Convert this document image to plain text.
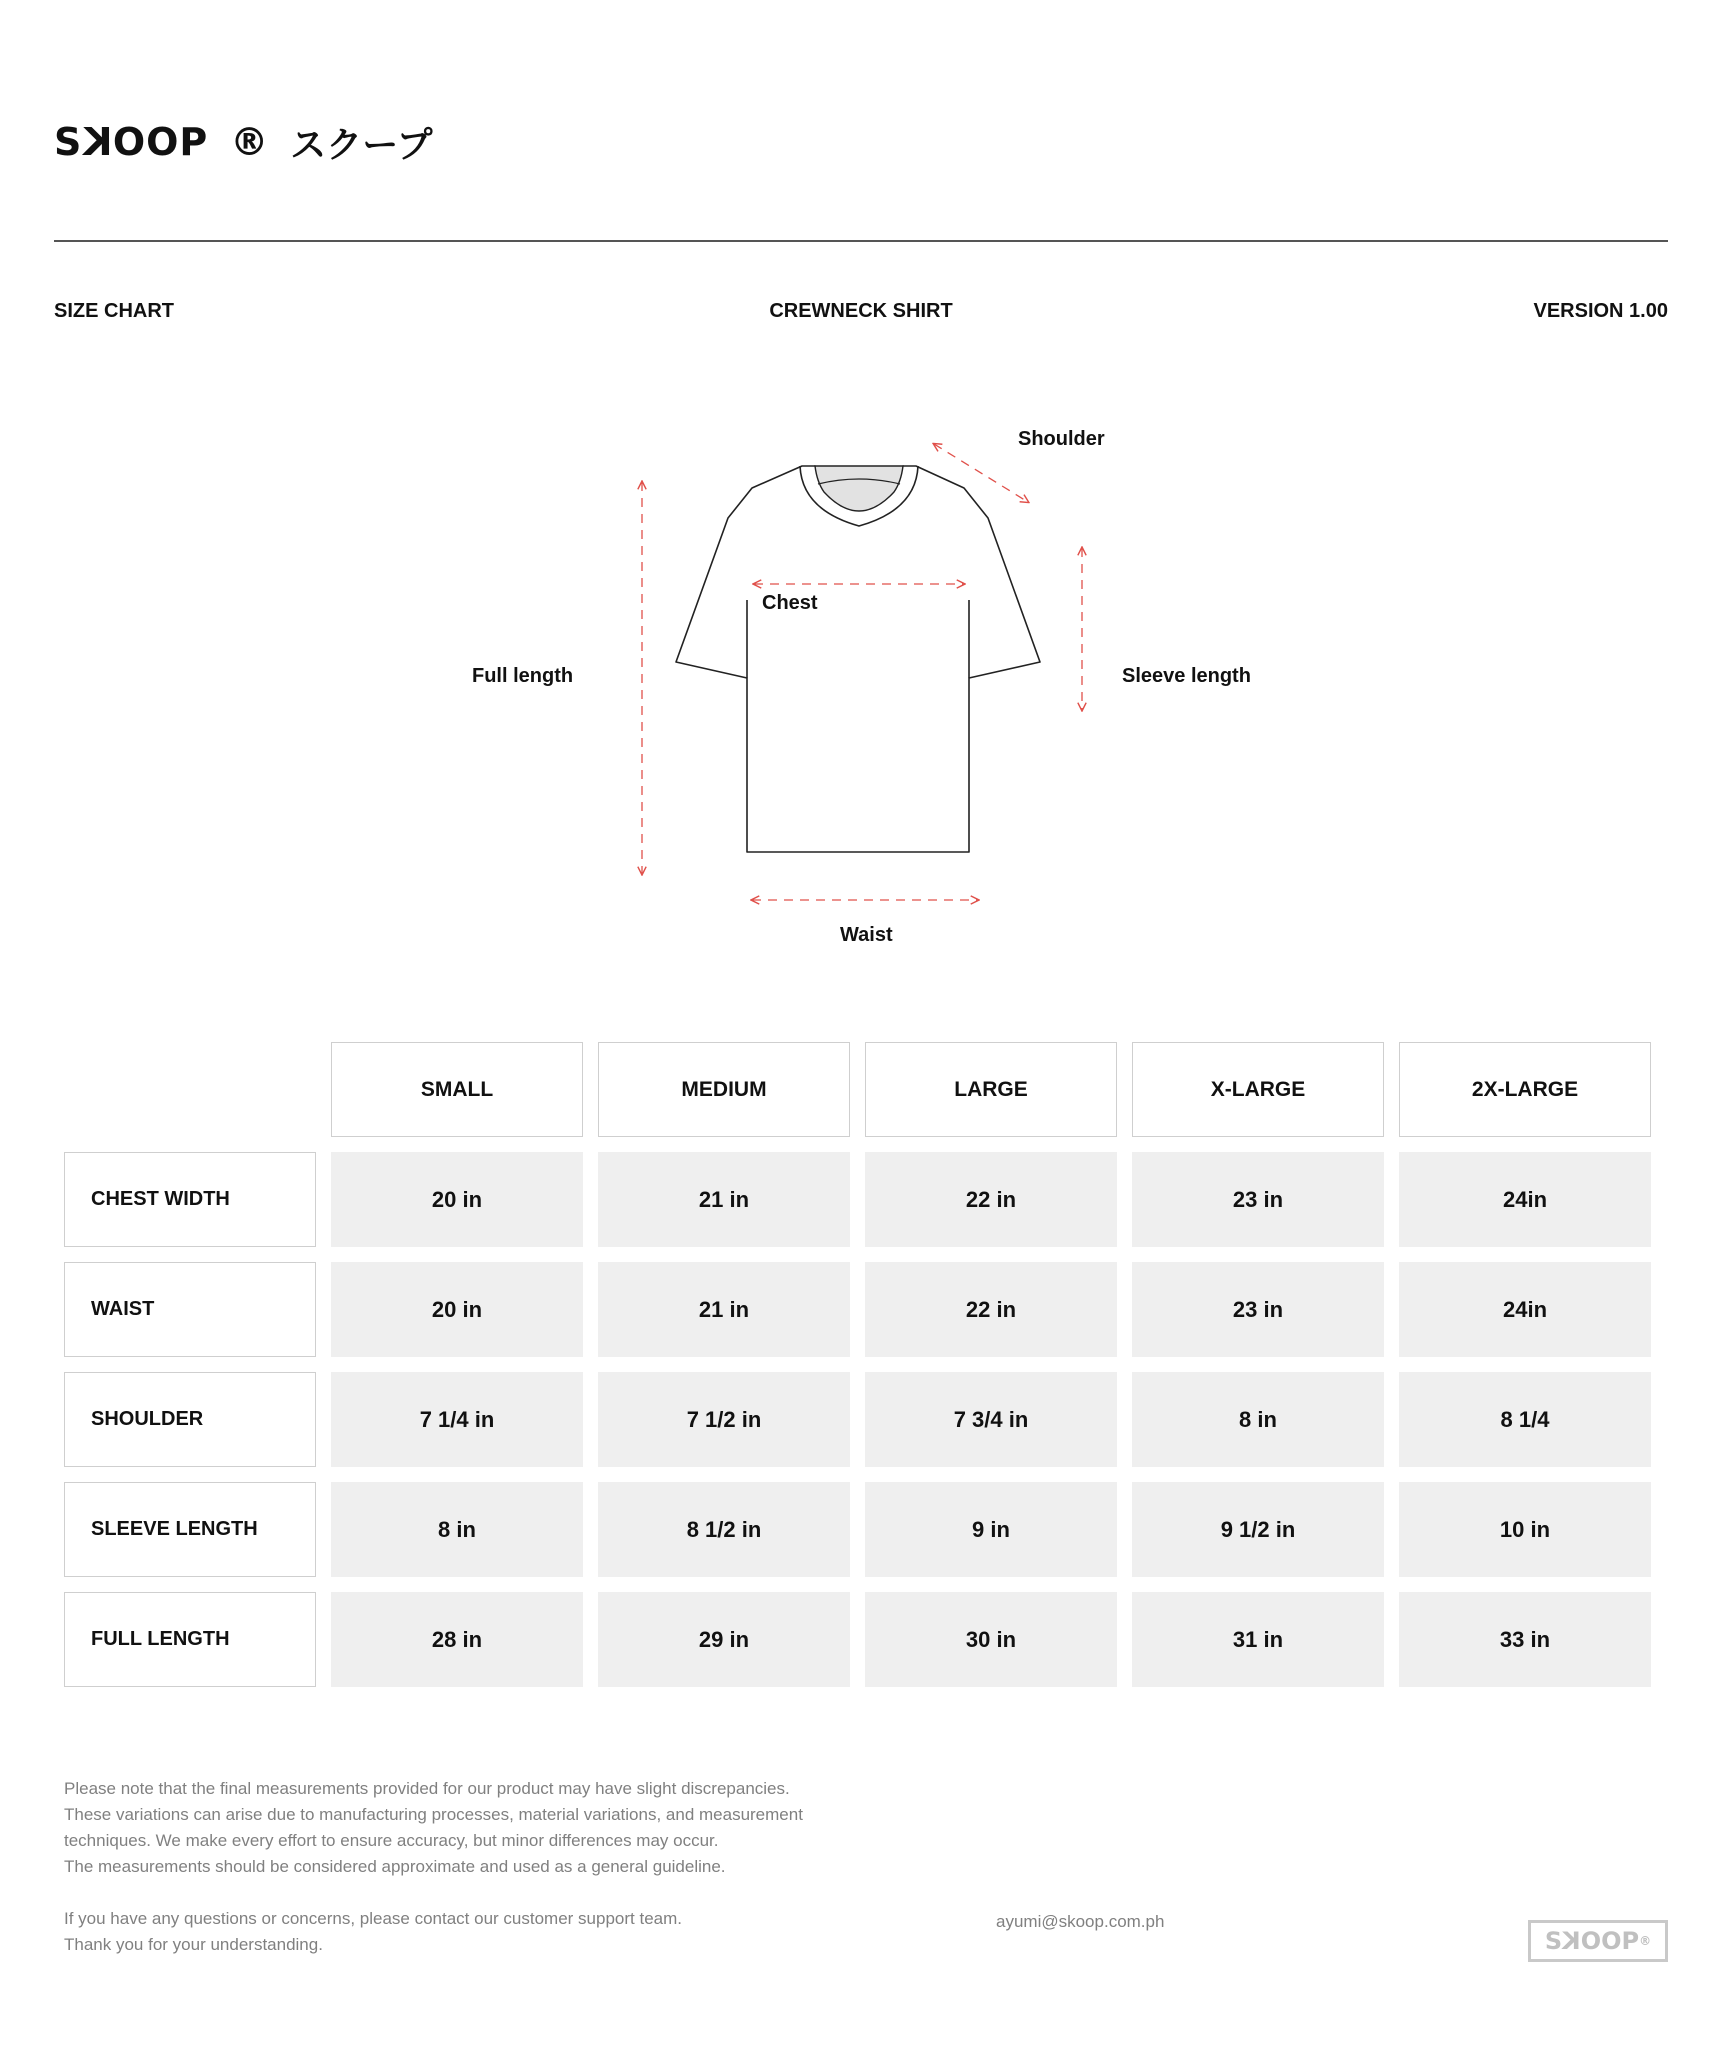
SKOOP ® スクープ
SIZE CHART	CREWNECK SHIRT	VERSION 1.00
Shoulder
Chest
Full length	Sleeve length
Waist
SMALL	MEDIUM	LARGE	X-LARGE	2X-LARGE
CHEST WIDTH	20 in	21 in	22 in	23 in	24in
WAIST	20 in	21 in	22 in	23 in	24in
SHOULDER	7 1/4 in	7 1/2 in	7 3/4 in	8 in	8 1/4
SLEEVE LENGTH	8 in	8 1/2 in	9 in	9 1/2 in	10 in
FULL LENGTH	28 in	29 in	30 in	31 in	33 in

Please note that the final measurements provided for our product may have slight discrepancies.

These variations can arise due to manufacturing processes, material variations, and measurement

techniques. We make every effort to ensure accuracy, but minor differences may occur.

The measurements should be considered approximate and used as a general guideline.

If you have any questions or concerns, please contact our customer support team.

Thank you for your understanding.

ayumi@skoop.com.ph
SKOOP ®
